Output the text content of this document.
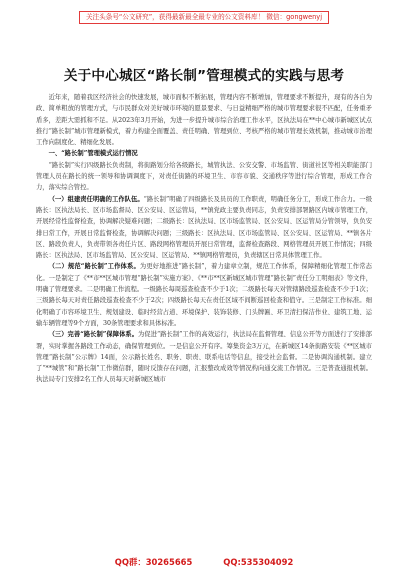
关注头条号“公文研究”，获得最新最全最专业的公文资料库！ 微信：gongwenyj
关于中心城区“路长制”管理模式的实践与思考

近年来，随着我区经济社会的快速发展，城市面积不断拓展，管理内容不断增加，管理要求不断提升，现有的各自为政、简单粗放的管理方式，与市民群众对美好城市环境的愿景要求、与日益精细严格的城市管理要求很不匹配，任务重矛盾多，差距大需抓和不足。从2023年3月开始，为进一步提升城市综合治理工作水平，区执法局在**中心城市新城区试点推行“路长制”城市管理新模式，着力构建全面覆盖、责任明确、管理到位、考核严格的城市管理长效机制，推动城市治理工作向制度化、精细化发展。

一、“路长制”管理模式运行情况

“路长制”实行四级路长负责制，将街路划分给各级路长，城管执法、公安交警、市场监管、街道社区等相关职能部门管理人员在路长的统一领导和协调调度下，对责任街路的环境卫生、市容市貌、交通秩序等进行综合管理，形成工作合力，落实综合管控。

（一）组建责任明确的工作队伍。“路长制”明确了四级路长及员员的工作职责，明确任务分工，形成工作合力。一级路长：区执法局长、区市场监督局、区公安局、区运管局，**镇党政主要负责同志，负责安排部署路区内城市管理工作，开展经常性监督检查，协调解决疑难问题；二级路长：区执法局、区市场监管局、区公安局、区运管局分管领导，负负安排日常工作，开展日常监督检查，协调解决问题；三级路长：区执法局、区市场监管局、区公安局、区运管局、**镇各片区、路段负责人，负责带领各责任片区、路段网格管理员开展日常管理，监督检查路段、网格管理员开展工作情况；四级路长：区执法局、区市场监管局、区公安局、区运管局、**镇网格管理员，负责辖区日常具体管理工作。

（二）规范“路长制”工作体系。为更好地推进“路长制”，着力建章立制，规范工作体系，保障精细化管理工作常态化。一是制定了《**市**区城市管理“路长制”实施方案》、《**市**区新城区城市管理“路长制”责任分工明细表》等文件，明确了管理要求。二是明确工作流程。一级路长每周巡查检查不少于1次；二级路长每天对管辖路段巡查检查不少于1次；三级路长每天对责任路段巡查检查不少于2次；四级路长每天在责任区域不间断巡回检查和值守。三是制定工作标准。细化明确了市容环境卫生、规划建设、临时经营占道、环境保护、装饰装修、门头牌匾、环卫清扫保洁作业、建筑工地、运输车辆管理等9个方面，30条管理要求和具体标准。

（三）完善“路长制”保障体系。为促进“路长制”工作的高效运行，执法局在监督管理、信息公开等方面进行了安排部署，实时掌握各路段工作动态，确保管理到位。一是信息公开有序。筹集资金3万元，在新城区14条街路安装《**区城市管理“路长制”公示牌》14面，公示路长姓名、职务、职责、联系电话等信息，接受社会监督。二是协调沟通机制。建立了“**城管”和“路长制”工作微信群，随时反馈存在问题，汇报整改成效等情况构向通交流工作情况。三是普查通报机制。执法局专门安排2名工作人员每天对新城区城市

QQ群：30265665	QQ:535304092
